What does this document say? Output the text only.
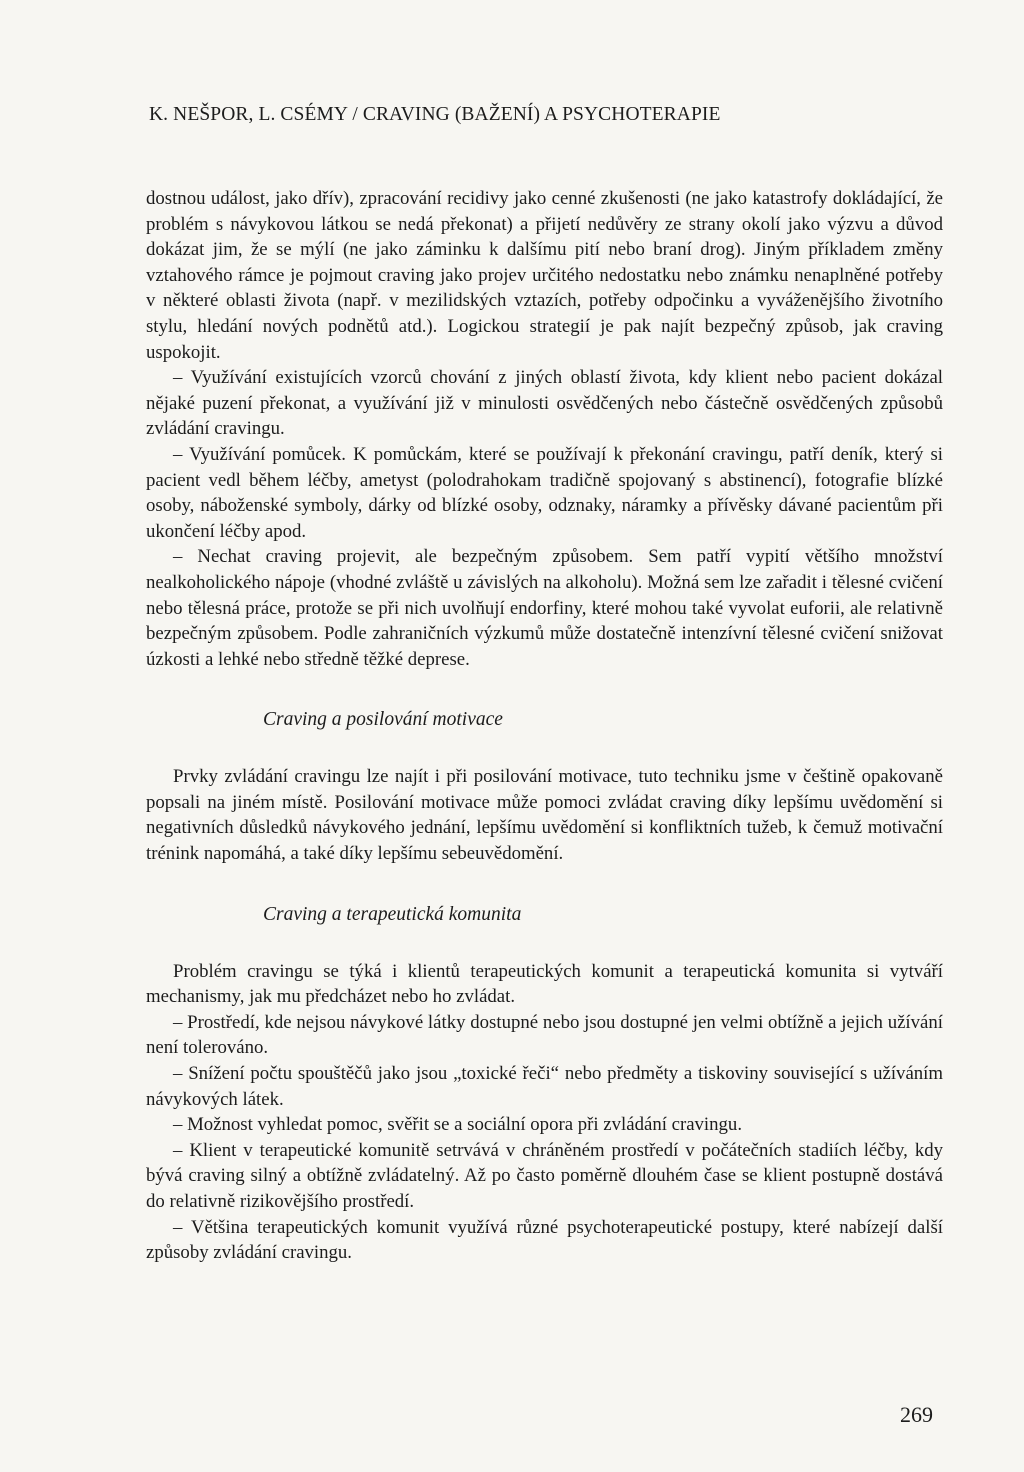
K. NEŠPOR, L. CSÉMY / CRAVING (BAŽENÍ) A PSYCHOTERAPIE

dostnou událost, jako dřív), zpracování recidivy jako cenné zkušenosti (ne jako katastrofy dokládající, že problém s návykovou látkou se nedá překonat) a přijetí nedůvěry ze strany okolí jako výzvu a důvod dokázat jim, že se mýlí (ne jako záminku k dalšímu pití nebo braní drog). Jiným příkladem změny vztahového rámce je pojmout craving jako projev určitého nedostatku nebo známku nenaplněné potřeby v některé oblasti života (např. v mezilidských vztazích, potřeby odpočinku a vyváženějšího životního stylu, hledání nových podnětů atd.). Logickou strategií je pak najít bezpečný způsob, jak craving uspokojit.

– Využívání existujících vzorců chování z jiných oblastí života, kdy klient nebo pacient dokázal nějaké puzení překonat, a využívání již v minulosti osvědčených nebo částečně osvědčených způsobů zvládání cravingu.

– Využívání pomůcek. K pomůckám, které se používají k překonání cravingu, patří deník, který si pacient vedl během léčby, ametyst (polodrahokam tradičně spojovaný s abstinencí), fotografie blízké osoby, náboženské symboly, dárky od blízké osoby, odznaky, náramky a přívěsky dávané pacientům při ukončení léčby apod.

– Nechat craving projevit, ale bezpečným způsobem. Sem patří vypití většího množství nealkoholického nápoje (vhodné zvláště u závislých na alkoholu). Možná sem lze zařadit i tělesné cvičení nebo tělesná práce, protože se při nich uvolňují endorfiny, které mohou také vyvolat euforii, ale relativně bezpečným způsobem. Podle zahraničních výzkumů může dostatečně intenzívní tělesné cvičení snižovat úzkosti a lehké nebo středně těžké deprese.

Craving a posilování motivace

Prvky zvládání cravingu lze najít i při posilování motivace, tuto techniku jsme v češtině opakovaně popsali na jiném místě. Posilování motivace může pomoci zvládat craving díky lepšímu uvědomění si negativních důsledků návykového jednání, lepšímu uvědomění si konfliktních tužeb, k čemuž motivační trénink napomáhá, a také díky lepšímu sebeuvědomění.

Craving a terapeutická komunita

Problém cravingu se týká i klientů terapeutických komunit a terapeutická komunita si vytváří mechanismy, jak mu předcházet nebo ho zvládat.

– Prostředí, kde nejsou návykové látky dostupné nebo jsou dostupné jen velmi obtížně a jejich užívání není tolerováno.

– Snížení počtu spouštěčů jako jsou „toxické řeči“ nebo předměty a tiskoviny související s užíváním návykových látek.

– Možnost vyhledat pomoc, svěřit se a sociální opora při zvládání cravingu.

– Klient v terapeutické komunitě setrvává v chráněném prostředí v počátečních stadiích léčby, kdy bývá craving silný a obtížně zvládatelný. Až po často poměrně dlouhém čase se klient postupně dostává do relativně rizikovějšího prostředí.

– Většina terapeutických komunit využívá různé psychoterapeutické postupy, které nabízejí další způsoby zvládání cravingu.

269
